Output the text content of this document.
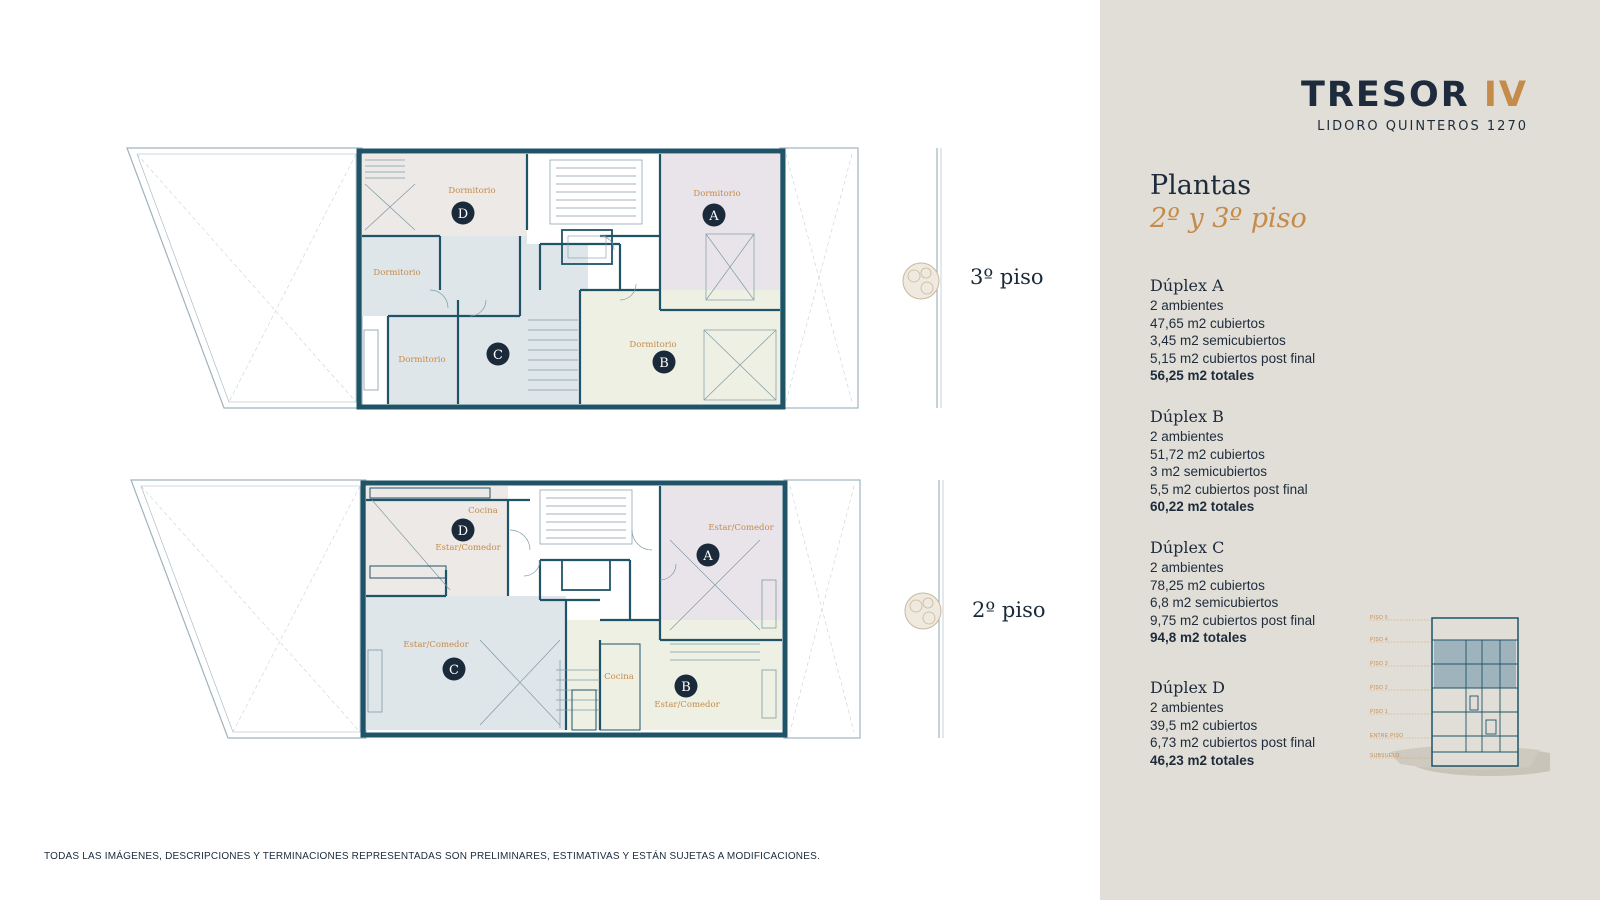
Dormitorio	Dormitorio
Dormitorio
Dormitorio
Dormitorio
D	A
C
B
Cocina
Estar/Comedor
Estar/Comedor
Estar/Comedor
Cocina
Estar/Comedor
D
A
C
B
3º piso
2º piso
TODAS LAS IMÁGENES, DESCRIPCIONES Y TERMINACIONES REPRESENTADAS SON PRELIMINARES, ESTIMATIVAS Y ESTÁN SUJETAS A MODIFICACIONES.
TRESOR IV
LIDORO QUINTEROS 1270
Plantas
2º y 3º piso
Dúplex A
2 ambientes
47,65 m2 cubiertos
3,45 m2 semicubiertos
5,15 m2 cubiertos post final
56,25 m2 totales
Dúplex B
2 ambientes
51,72 m2 cubiertos
3 m2 semicubiertos
5,5 m2 cubiertos post final
60,22 m2 totales
Dúplex C
2 ambientes
78,25 m2 cubiertos
6,8 m2 semicubiertos
9,75 m2 cubiertos post final
94,8 m2 totales
Dúplex D
2 ambientes
39,5 m2 cubiertos
6,73 m2 cubiertos post final
46,23 m2 totales
PISO 5
PISO 4
PISO 3
PISO 2
PISO 1
ENTRE PISO
SUBSUELO
